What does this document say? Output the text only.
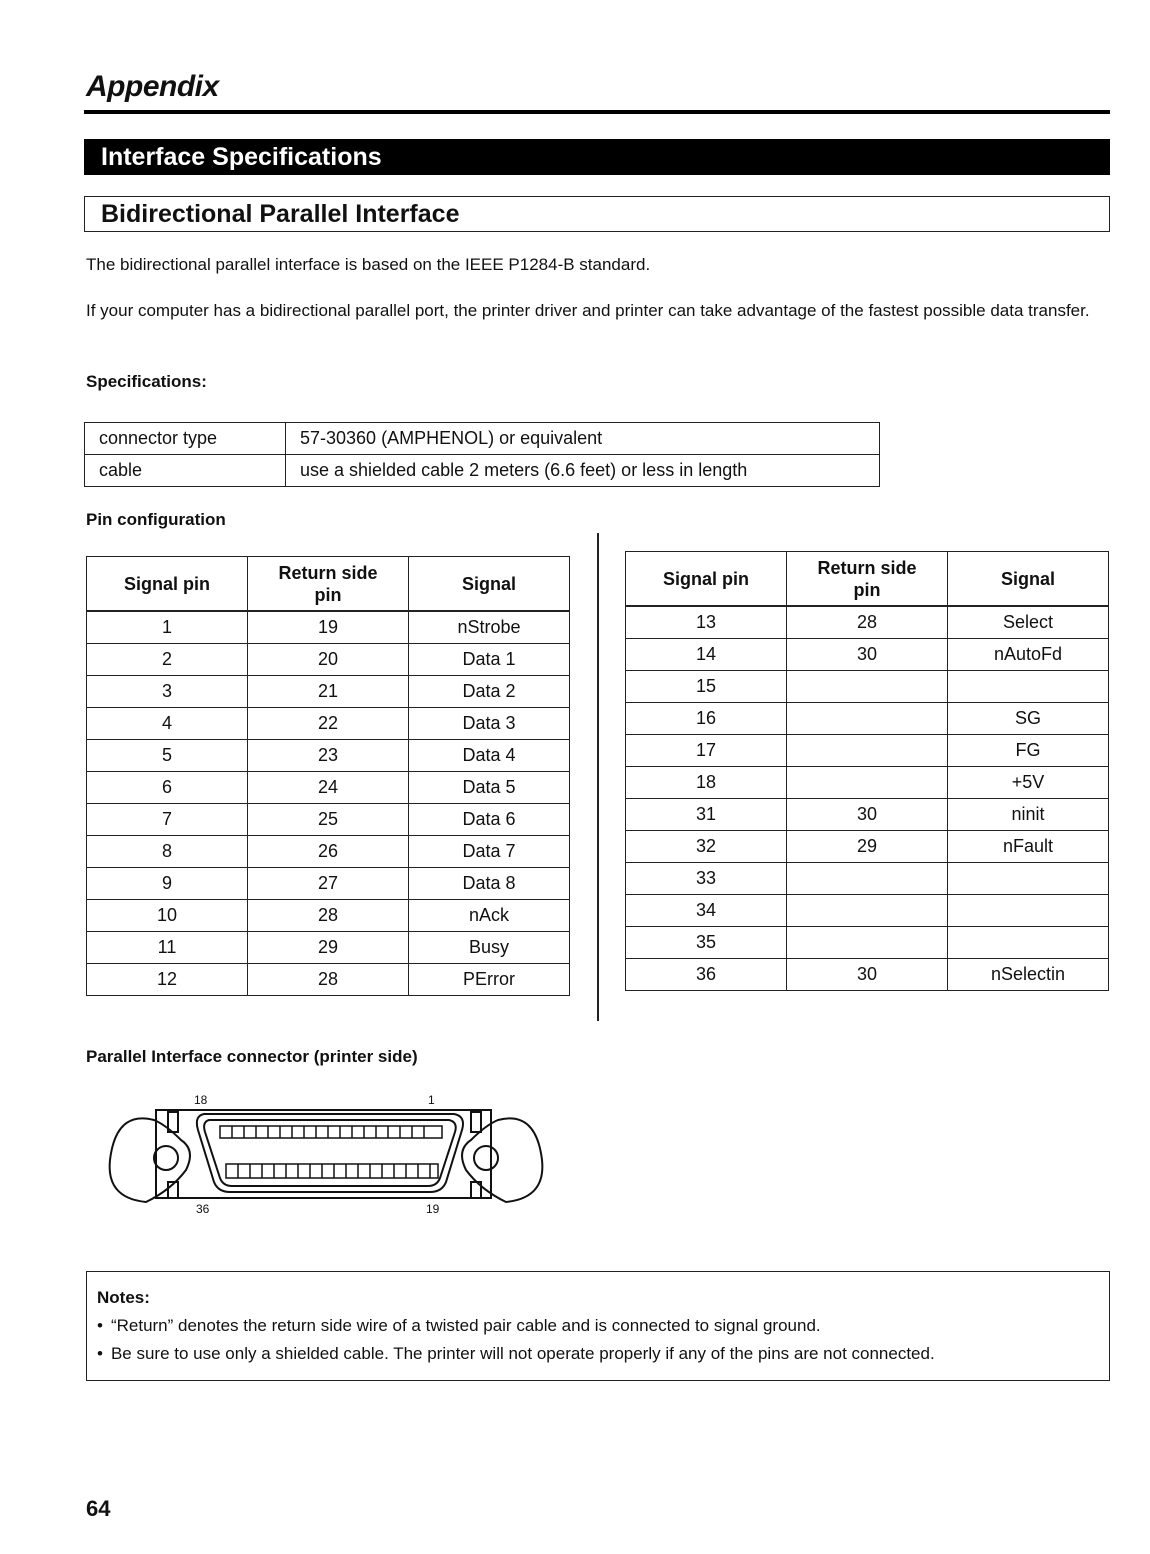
Appendix
Interface Specifications
Bidirectional Parallel Interface
The bidirectional parallel interface is based on the IEEE P1284-B standard.
If your computer has a bidirectional parallel port, the printer driver and printer can take advantage of the fastest possible data transfer.
Specifications:
connector type	57-30360 (AMPHENOL) or equivalent
cable	use a shielded cable 2 meters (6.6 feet) or less in length
Pin configuration
Signal pin	Return side pin	Signal
1	19	nStrobe
2	20	Data 1
3	21	Data 2
4	22	Data 3
5	23	Data 4
6	24	Data 5
7	25	Data 6
8	26	Data 7
9	27	Data 8
10	28	nAck
11	29	Busy
12	28	PError
Signal pin	Return side pin	Signal
13	28	Select
14	30	nAutoFd
15		
16		SG
17		FG
18		+5V
31	30	ninit
32	29	nFault
33		
34		
35		
36	30	nSelectin
Parallel Interface connector (printer side)
18	1
36	19
Notes:
• “Return” denotes the return side wire of a twisted pair cable and is connected to signal ground.
• Be sure to use only a shielded cable. The printer will not operate properly if any of the pins are not connected.
64
